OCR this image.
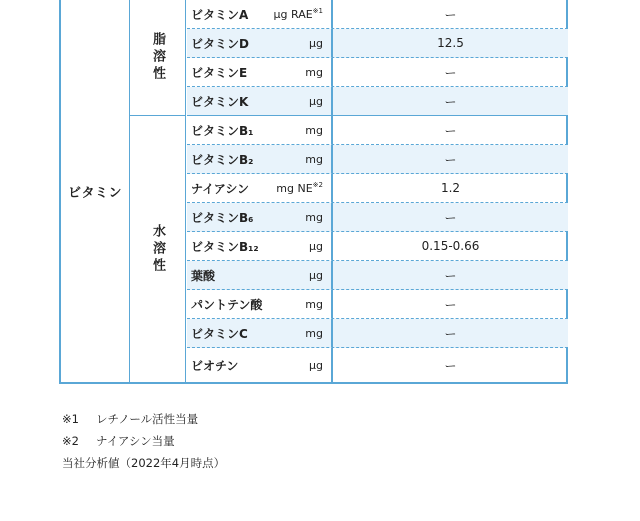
ビタミン
脂溶性
水溶性
ビタミンA	μg RAE$^{※1}$	ー
ビタミンD	μg	12.5
ビタミンE	mg	ー
ビタミンK	μg	ー
ビタミンB₁	mg	ー
ビタミンB₂	mg	ー
ナイアシン	mg NE$^{※2}$	1.2
ビタミンB₆	mg	ー
ビタミンB₁₂	μg	0.15-0.66
葉酸	μg	ー
パントテン酸	mg	ー
ビタミンC	mg	ー
ビオチン	μg	ー
※1 レチノール活性当量
※2 ナイアシン当量
当社分析値（2022年4月時点）
